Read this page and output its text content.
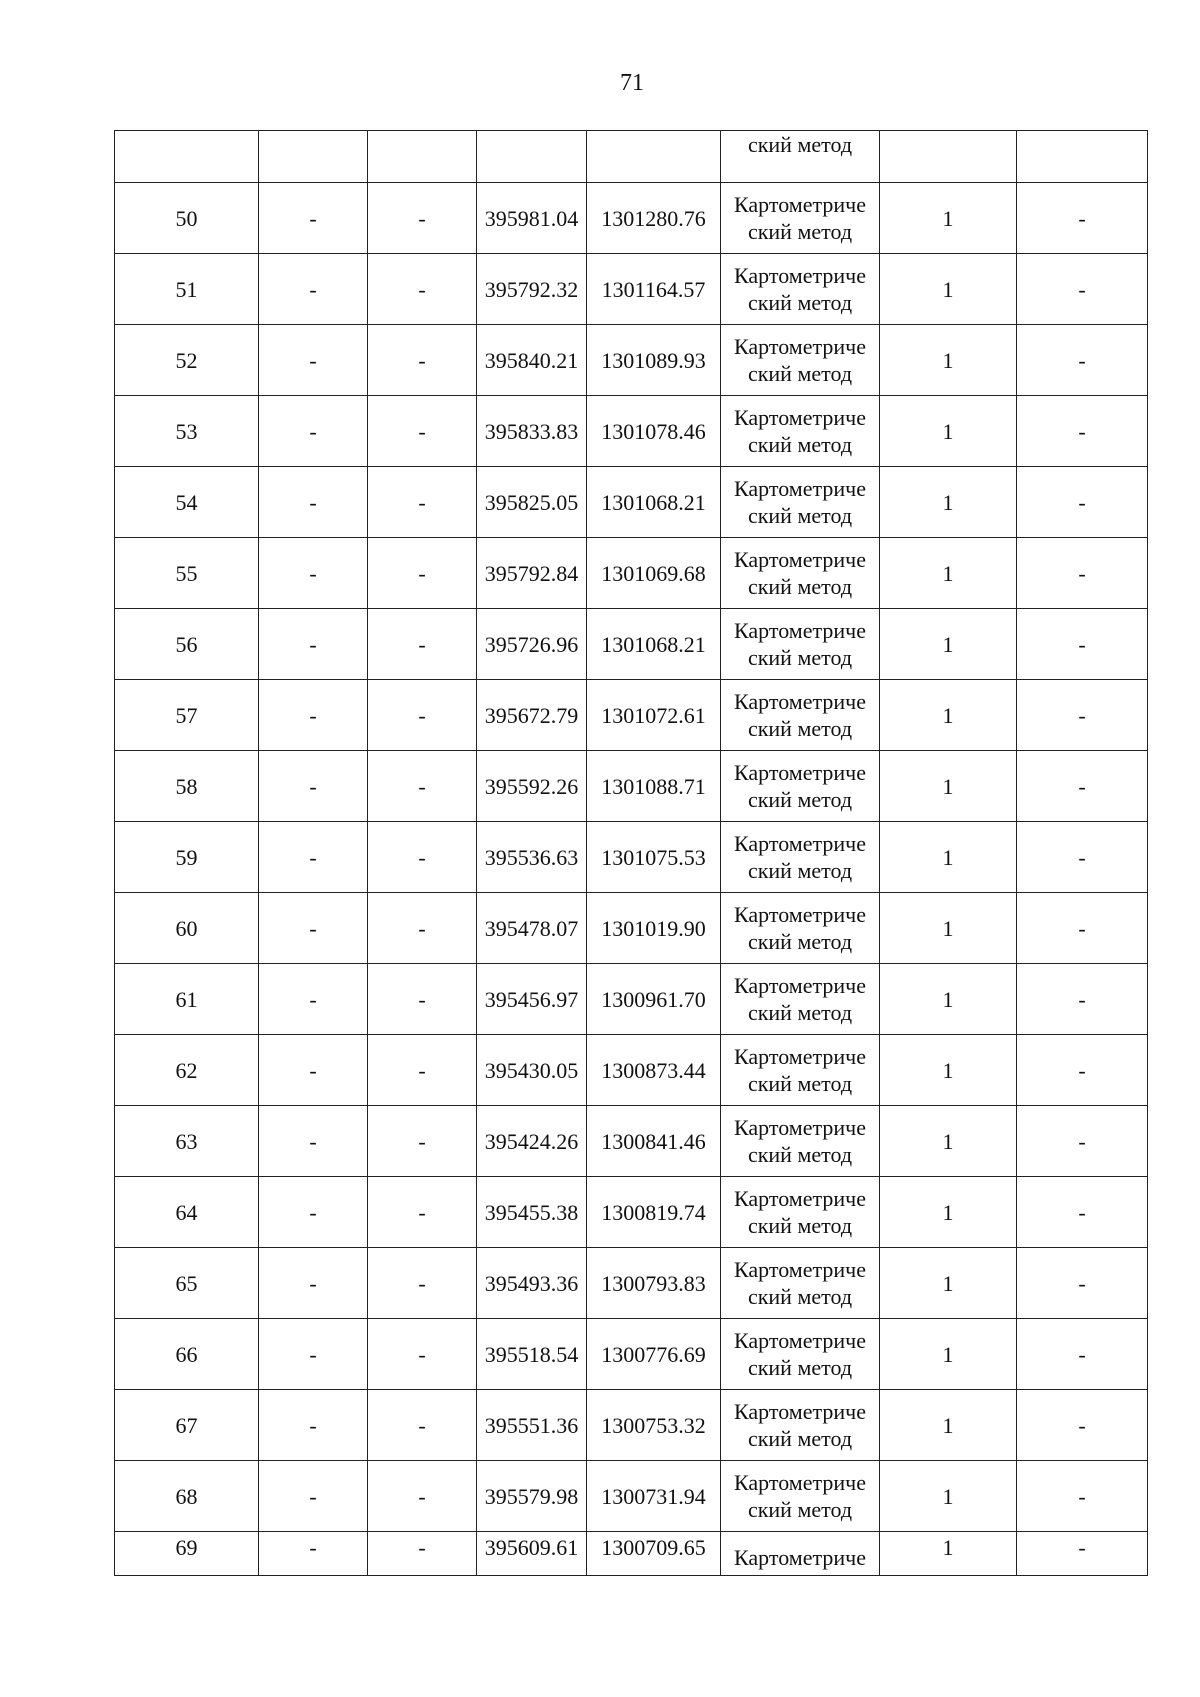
71

					ский метод		

50	-	-	395981.04	1301280.76	Картометриче
ский метод	1	-
51	-	-	395792.32	1301164.57	Картометриче
ский метод	1	-
52	-	-	395840.21	1301089.93	Картометриче
ский метод	1	-
53	-	-	395833.83	1301078.46	Картометриче
ский метод	1	-
54	-	-	395825.05	1301068.21	Картометриче
ский метод	1	-
55	-	-	395792.84	1301069.68	Картометриче
ский метод	1	-
56	-	-	395726.96	1301068.21	Картометриче
ский метод	1	-
57	-	-	395672.79	1301072.61	Картометриче
ский метод	1	-
58	-	-	395592.26	1301088.71	Картометриче
ский метод	1	-
59	-	-	395536.63	1301075.53	Картометриче
ский метод	1	-
60	-	-	395478.07	1301019.90	Картометриче
ский метод	1	-
61	-	-	395456.97	1300961.70	Картометриче
ский метод	1	-
62	-	-	395430.05	1300873.44	Картометриче
ский метод	1	-
63	-	-	395424.26	1300841.46	Картометриче
ский метод	1	-
64	-	-	395455.38	1300819.74	Картометриче
ский метод	1	-
65	-	-	395493.36	1300793.83	Картометриче
ский метод	1	-
66	-	-	395518.54	1300776.69	Картометриче
ский метод	1	-
67	-	-	395551.36	1300753.32	Картометриче
ский метод	1	-
68	-	-	395579.98	1300731.94	Картометриче
ский метод	1	-
69	-	-	395609.61	1300709.65	Картометриче	1	-
